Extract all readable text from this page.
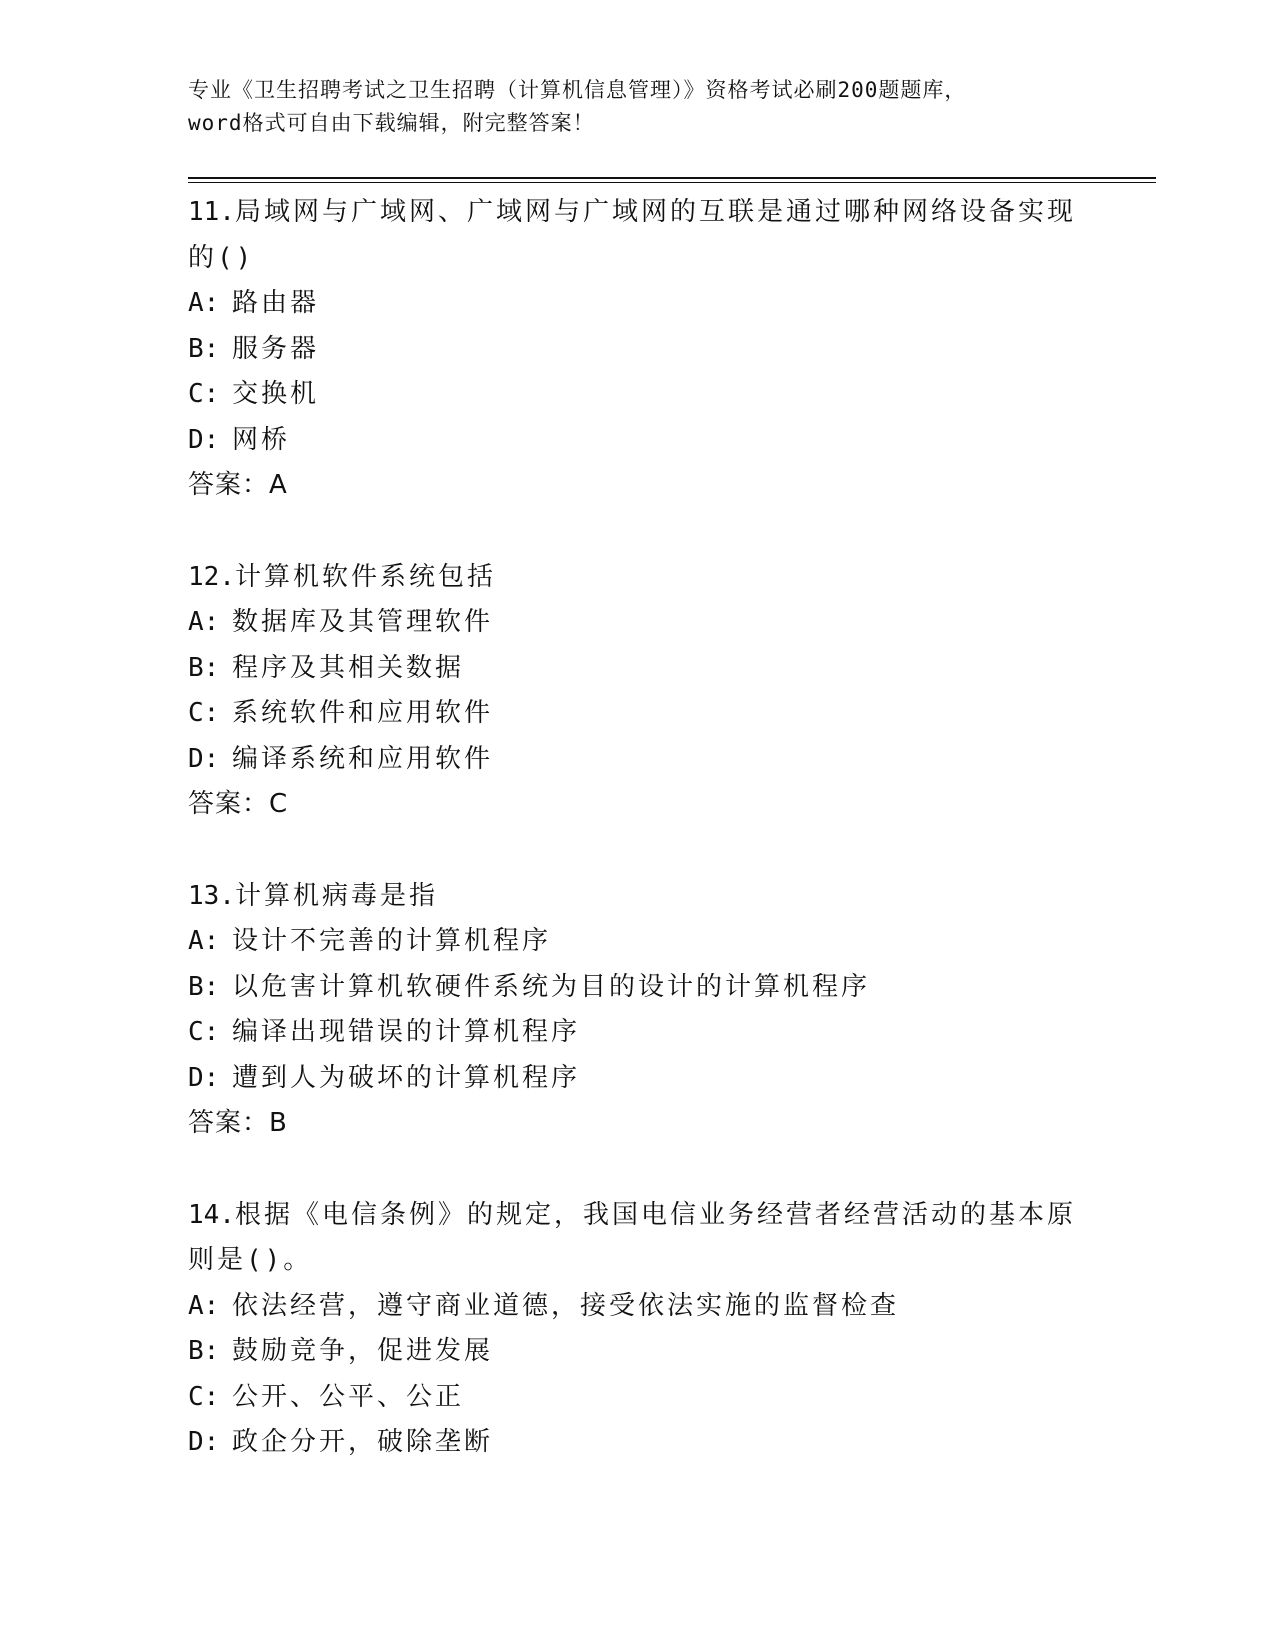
专业《卫生招聘考试之卫生招聘（计算机信息管理）》资格考试必刷200题题库，
word格式可自由下载编辑，附完整答案！
11.局域网与广域网、广域网与广域网的互联是通过哪种网络设备实现的()
A: 路由器
B: 服务器
C: 交换机
D: 网桥
答案：A
12.计算机软件系统包括
A: 数据库及其管理软件
B: 程序及其相关数据
C: 系统软件和应用软件
D: 编译系统和应用软件
答案：C
13.计算机病毒是指
A: 设计不完善的计算机程序
B: 以危害计算机软硬件系统为目的设计的计算机程序
C: 编译出现错误的计算机程序
D: 遭到人为破坏的计算机程序
答案：B
14.根据《电信条例》的规定，我国电信业务经营者经营活动的基本原则是()。
A: 依法经营，遵守商业道德，接受依法实施的监督检查
B: 鼓励竞争，促进发展
C: 公开、公平、公正
D: 政企分开，破除垄断
